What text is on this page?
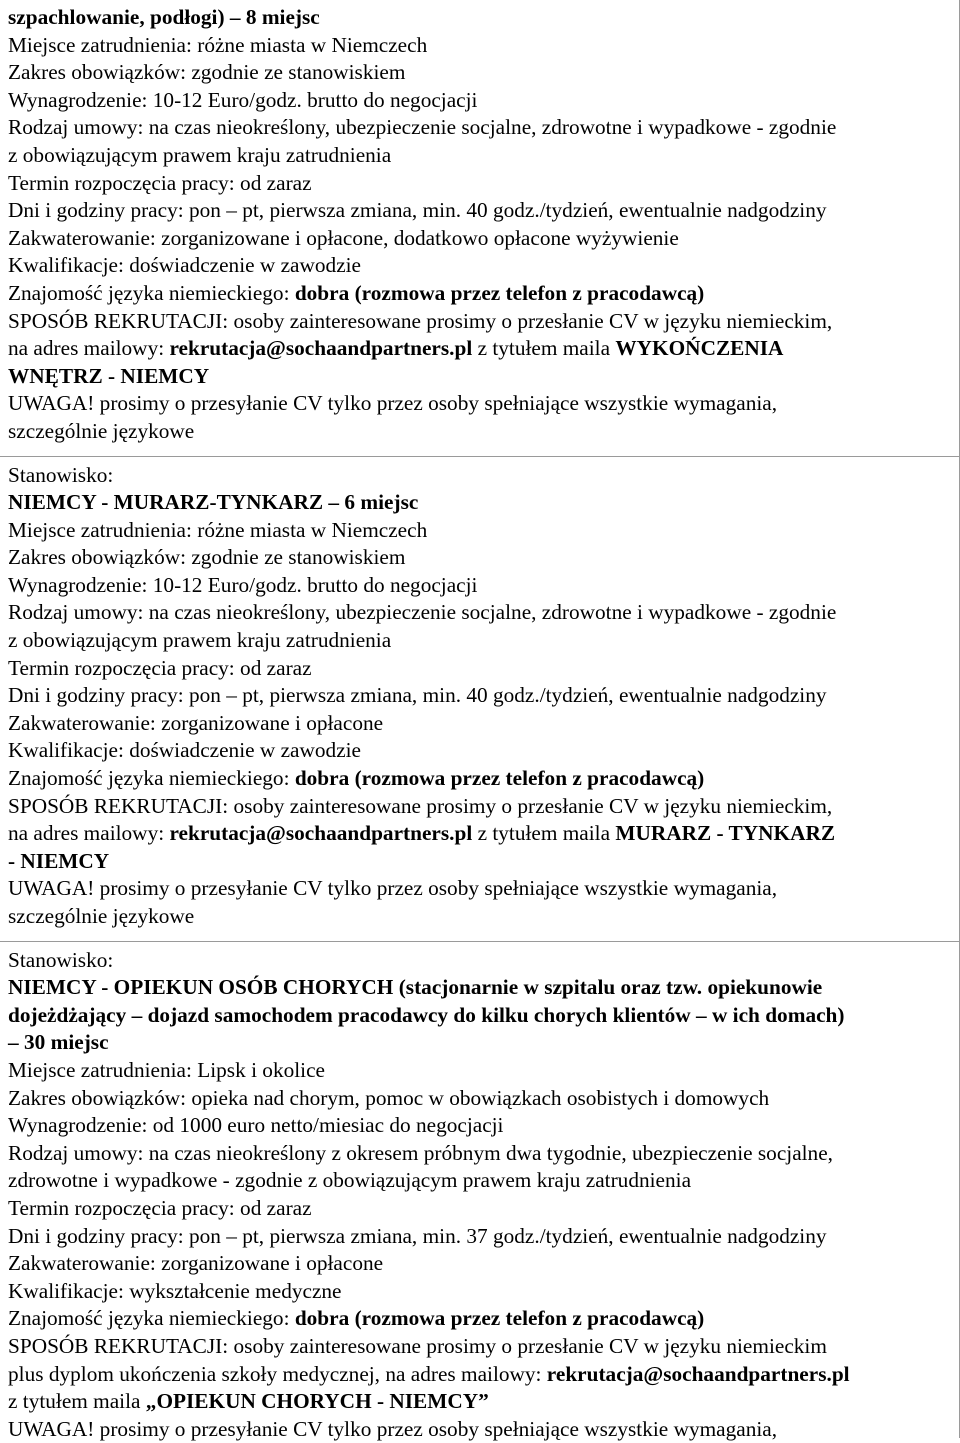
szpachlowanie, podłogi) – 8 miejsc
Miejsce zatrudnienia: różne miasta w Niemczech
Zakres obowiązków: zgodnie ze stanowiskiem
Wynagrodzenie: 10-12 Euro/godz. brutto do negocjacji
Rodzaj umowy: na czas nieokreślony, ubezpieczenie socjalne, zdrowotne i wypadkowe - zgodnie
z obowiązującym prawem kraju zatrudnienia
Termin rozpoczęcia pracy: od zaraz
Dni i godziny pracy: pon – pt, pierwsza zmiana, min. 40 godz./tydzień, ewentualnie nadgodziny
Zakwaterowanie: zorganizowane i opłacone, dodatkowo opłacone wyżywienie
Kwalifikacje: doświadczenie w zawodzie
Znajomość języka niemieckiego: dobra (rozmowa przez telefon z pracodawcą)
SPOSÓB REKRUTACJI: osoby zainteresowane prosimy o przesłanie CV w języku niemieckim,
na adres mailowy: rekrutacja@sochaandpartners.pl z tytułem maila WYKOŃCZENIA
WNĘTRZ - NIEMCY
UWAGA! prosimy o przesyłanie CV tylko przez osoby spełniające wszystkie wymagania,
szczególnie językowe
Stanowisko:
NIEMCY - MURARZ-TYNKARZ – 6 miejsc
Miejsce zatrudnienia: różne miasta w Niemczech
Zakres obowiązków: zgodnie ze stanowiskiem
Wynagrodzenie: 10-12 Euro/godz. brutto do negocjacji
Rodzaj umowy: na czas nieokreślony, ubezpieczenie socjalne, zdrowotne i wypadkowe - zgodnie
z obowiązującym prawem kraju zatrudnienia
Termin rozpoczęcia pracy: od zaraz
Dni i godziny pracy: pon – pt, pierwsza zmiana, min. 40 godz./tydzień, ewentualnie nadgodziny
Zakwaterowanie: zorganizowane i opłacone
Kwalifikacje: doświadczenie w zawodzie
Znajomość języka niemieckiego: dobra (rozmowa przez telefon z pracodawcą)
SPOSÓB REKRUTACJI: osoby zainteresowane prosimy o przesłanie CV w języku niemieckim,
na adres mailowy: rekrutacja@sochaandpartners.pl z tytułem maila MURARZ - TYNKARZ
- NIEMCY
UWAGA! prosimy o przesyłanie CV tylko przez osoby spełniające wszystkie wymagania,
szczególnie językowe
Stanowisko:
NIEMCY - OPIEKUN OSÓB CHORYCH (stacjonarnie w szpitalu oraz tzw. opiekunowie
dojeżdżający – dojazd samochodem pracodawcy do kilku chorych klientów – w ich domach)
– 30 miejsc
Miejsce zatrudnienia: Lipsk i okolice
Zakres obowiązków: opieka nad chorym, pomoc w obowiązkach osobistych i domowych
Wynagrodzenie: od 1000 euro netto/miesiac do negocjacji
Rodzaj umowy: na czas nieokreślony z okresem próbnym dwa tygodnie, ubezpieczenie socjalne,
zdrowotne i wypadkowe - zgodnie z obowiązującym prawem kraju zatrudnienia
Termin rozpoczęcia pracy: od zaraz
Dni i godziny pracy: pon – pt, pierwsza zmiana, min. 37 godz./tydzień, ewentualnie nadgodziny
Zakwaterowanie: zorganizowane i opłacone
Kwalifikacje: wykształcenie medyczne
Znajomość języka niemieckiego: dobra (rozmowa przez telefon z pracodawcą)
SPOSÓB REKRUTACJI: osoby zainteresowane prosimy o przesłanie CV w języku niemieckim
plus dyplom ukończenia szkoły medycznej, na adres mailowy: rekrutacja@sochaandpartners.pl
z tytułem maila „OPIEKUN CHORYCH - NIEMCY”
UWAGA! prosimy o przesyłanie CV tylko przez osoby spełniające wszystkie wymagania,
